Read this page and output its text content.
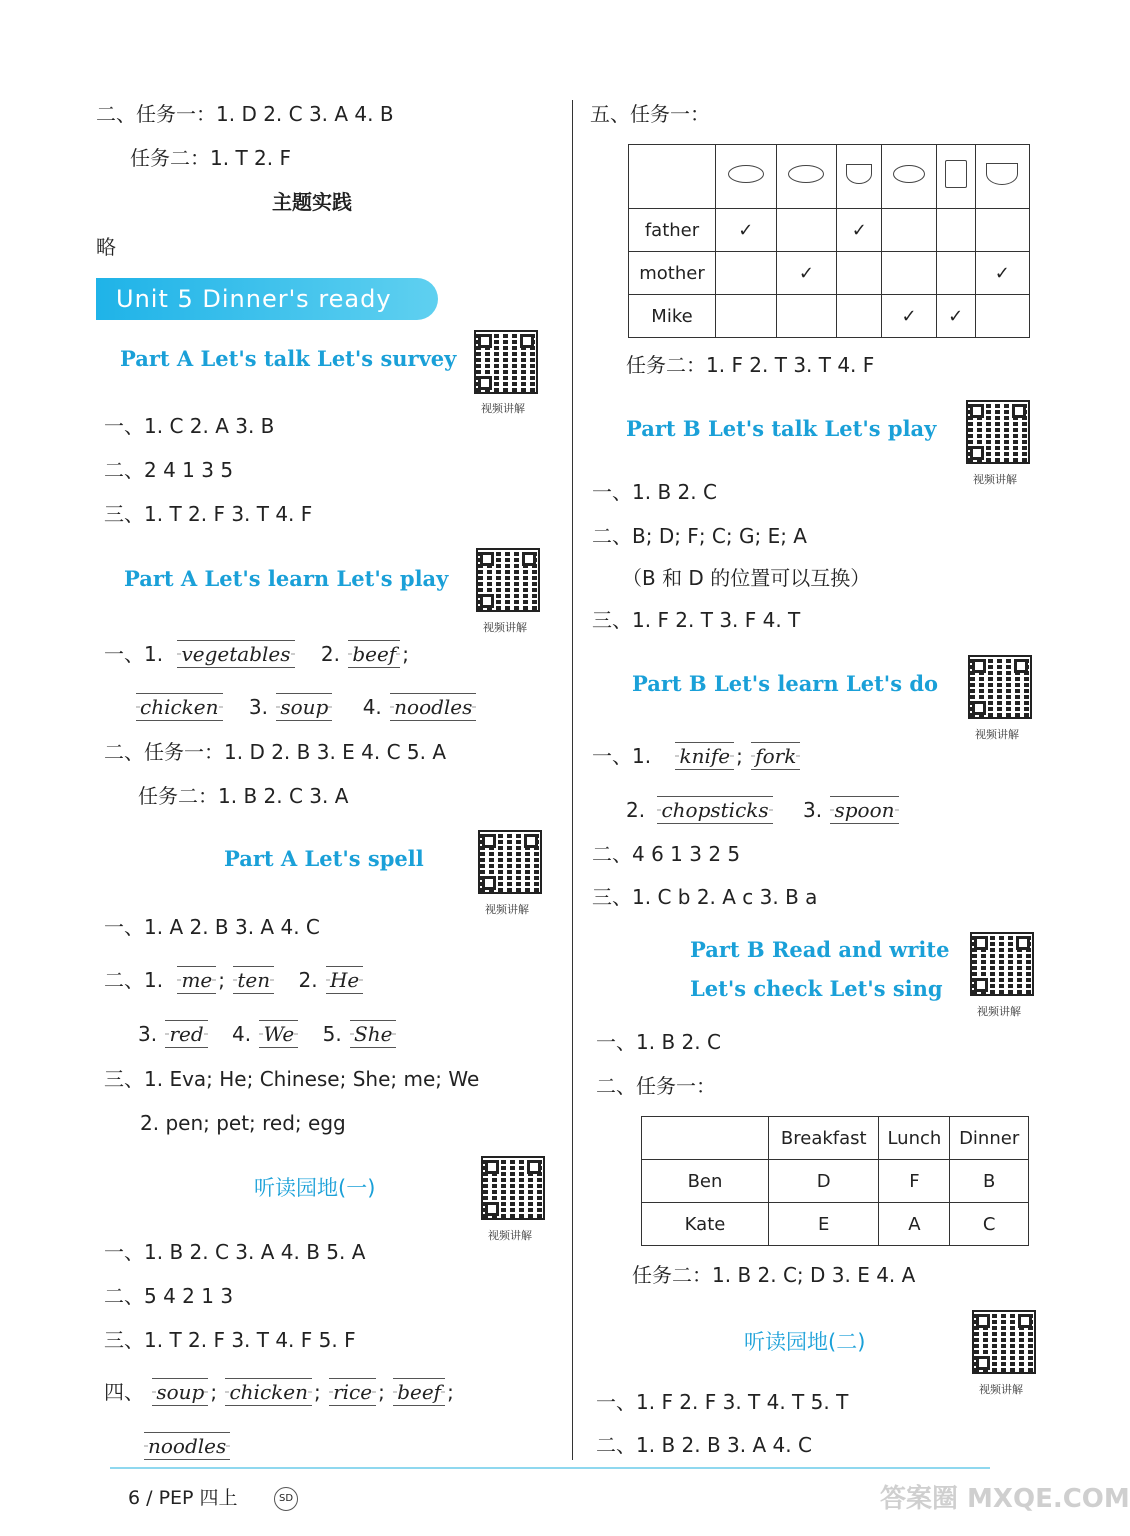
二、任务一：1. D 2. C 3. A 4. B
任务二：1. T 2. F
主题实践
略
Unit 5 Dinner's ready
Part A Let's talk Let's survey
视频讲解
一、1. C 2. A 3. B
二、2 4 1 3 5
三、1. T 2. F 3. T 4. F
Part A Let's learn Let's play
视频讲解
一、1. vegetables 2. beef ;
chicken 3. soup 4. noodles
二、任务一：1. D 2. B 3. E 4. C 5. A
任务二：1. B 2. C 3. A
Part A Let's spell
视频讲解
一、1. A 2. B 3. A 4. C
二、1. me ; ten 2. He
3. red 4. We 5. She
三、1. Eva; He; Chinese; She; me; We
2. pen; pet; red; egg
听读园地(一)
视频讲解
一、1. B 2. C 3. A 4. B 5. A
二、5 4 2 1 3
三、1. T 2. F 3. T 4. F 5. F
四、 soup ; chicken ; rice ; beef ;
noodles
五、任务一：

father	✓		✓			
mother		✓				✓
Mike				✓	✓	
任务二：1. F 2. T 3. T 4. F
Part B Let's talk Let's play
视频讲解
一、1. B 2. C
二、B; D; F; C; G; E; A
（B 和 D 的位置可以互换）
三、1. F 2. T 3. F 4. T
Part B Let's learn Let's do
视频讲解
一、1. knife ; fork
2. chopsticks 3. spoon
二、4 6 1 3 2 5
三、1. C b 2. A c 3. B a
Part B Read and write
Let's check Let's sing
视频讲解
一、1. B 2. C
二、任务一：
	Breakfast	Lunch	Dinner
Ben	D	F	B
Kate	E	A	C
任务二：1. B 2. C; D 3. E 4. A
听读园地(二)
视频讲解
一、1. F 2. F 3. T 4. T 5. T
二、1. B 2. B 3. A 4. C
6 / PEP 四上	SD	答案圈 MXQE.COM
